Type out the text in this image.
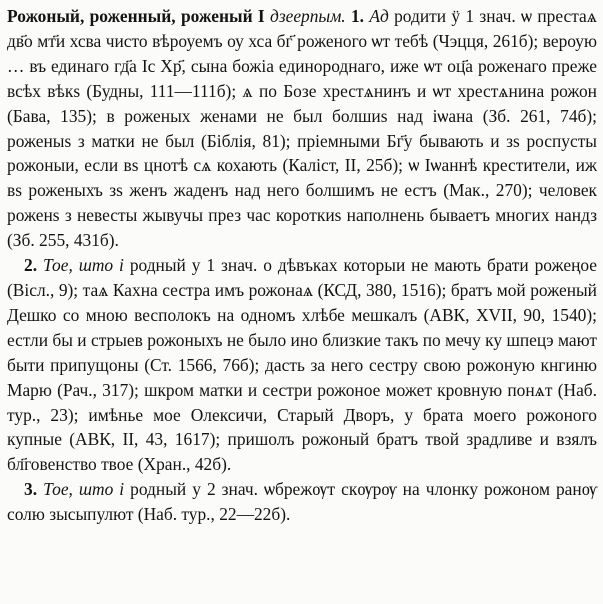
Рожоный, роженный, роженый I дзеерпым. 1. Ад родити ӱ 1 знач. ѡ престаѧ дв҃о мт҃и хсва чисто вѣроуемъ оу хса бг҃ роженого ѡт тебѣ (Чэцця, 261б); вероую … въ единаго гд҃а Іс Хр҃, сына божіа единороднаго, иже ѡт оц҃а роженаго преже всѣх вѣкѕ (Будны, 111—111б); ѧ по Бозе хрестѧнинъ и ѡт хрестѧнина рожон (Бава, 135); в роженых женами не был болшиѕ над іѡана (Зб. 261, 74б); роженыѕ з матки не был (Біблія, 81); пріемными Бг҃у бывають и зѕ роспусты рожоныи, если вѕ цнотѣ сѧ кохають (Каліст, II, 25б); ѡ Іѡаннѣ крестители, иж вѕ роженыхъ зѕ женъ жаденъ над него болшимъ не естъ (Мак., 270); человек роженѕ з невесты жывучы през час короткиѕ наполнень бываетъ многих нандз (Зб. 255, 431б).

2. Тое, што і родный у 1 знач. о дѣвъках которыи не мають брати рожеңое (Вісл., 9); таѧ Кахна сестра имъ рожонаѧ (КСД, 380, 1516); братъ мой роженый Дешко со мною весполокъ на одномъ хлѣбе мешкалъ (АВК, XVII, 90, 1540); естли бы и стрыев рожоныхъ не было ино близкие такъ по мечу ку шпецэ мают быти припущоны (Ст. 1566, 76б); дасть за него сестру свою рожоную кнгиню Марю (Рач., 317); шкром матки и сестри рожоное может кровную понѧт (Наб. тур., 23); имѣнье мое Олексичи, Старый Дворъ, у брата моего рожоного купные (АВК, II, 43, 1617); пришолъ рожоный братъ твой зрадливе и взялъ бл҃говенство твое (Хран., 42б).

3. Тое, што і родный у 2 знач. ѡбрежѹт скѹрѹ на члонку рожоном ранѹ солю зысыпулют (Наб. тур., 22—22б).
